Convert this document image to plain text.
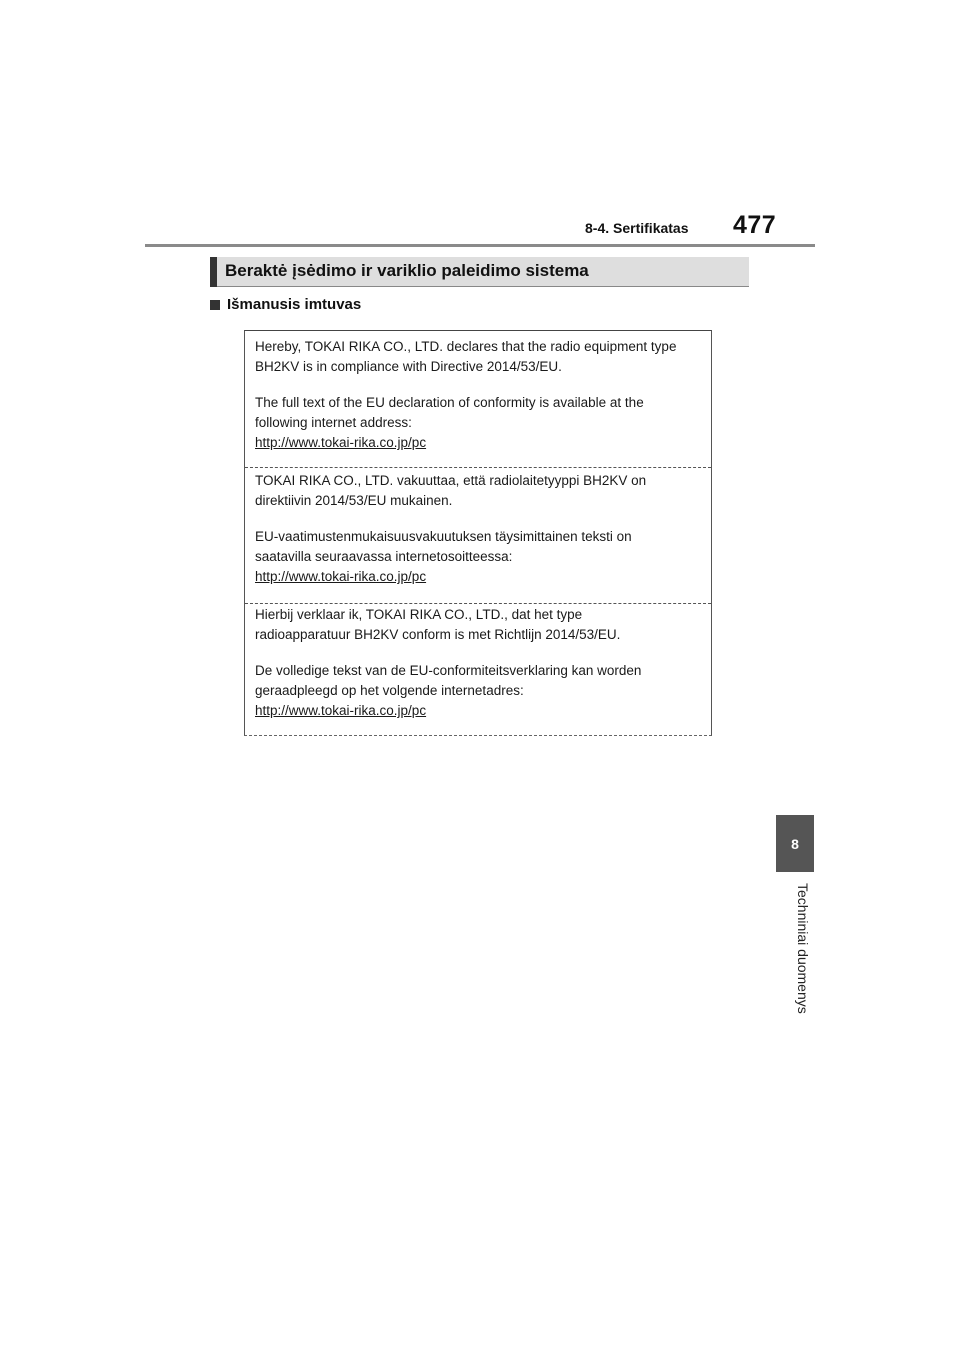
8-4. Sertifikatas 477
Beraktė įsėdimo ir variklio paleidimo sistema
Išmanusis imtuvas

Hereby, TOKAI RIKA CO., LTD. declares that the radio equipment type

BH2KV is in compliance with Directive 2014/53/EU.

The full text of the EU declaration of conformity is available at the

following internet address:

http://www.tokai-rika.co.jp/pc

TOKAI RIKA CO., LTD. vakuuttaa, että radiolaitetyyppi BH2KV on

direktiivin 2014/53/EU mukainen.

EU-vaatimustenmukaisuusvakuutuksen täysimittainen teksti on

saatavilla seuraavassa internetosoitteessa:

http://www.tokai-rika.co.jp/pc

Hierbij verklaar ik, TOKAI RIKA CO., LTD., dat het type

radioapparatuur BH2KV conform is met Richtlijn 2014/53/EU.

De volledige tekst van de EU-conformiteitsverklaring kan worden

geraadpleegd op het volgende internetadres:

http://www.tokai-rika.co.jp/pc

8
Techniniai duomenys
